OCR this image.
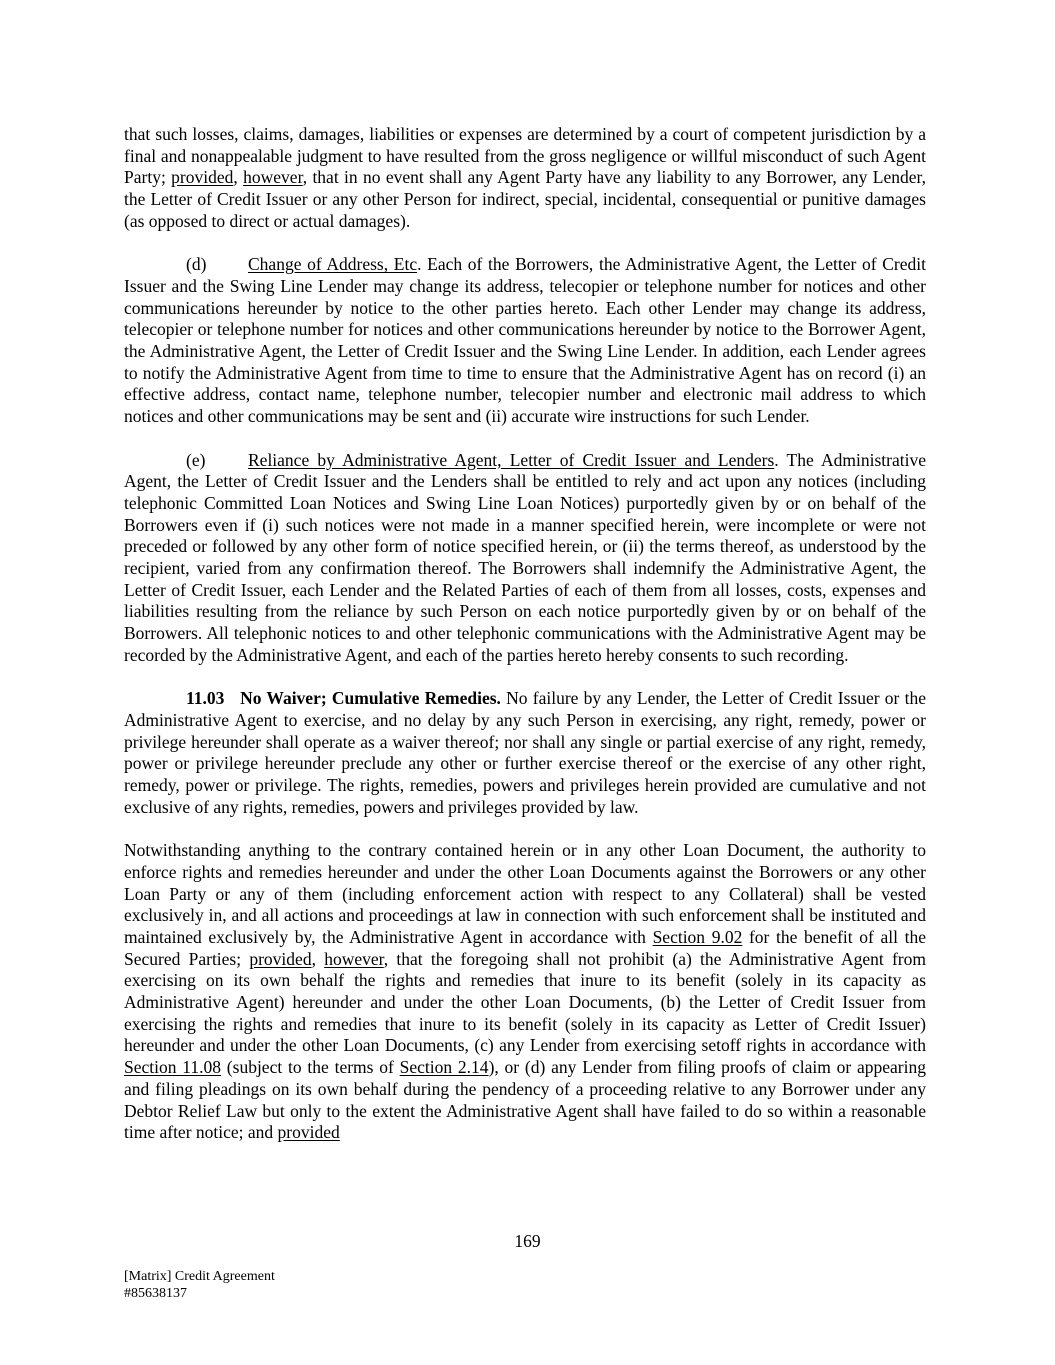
that such losses, claims, damages, liabilities or expenses are determined by a court of competent jurisdiction by a final and nonappealable judgment to have resulted from the gross negligence or willful misconduct of such Agent Party; provided, however, that in no event shall any Agent Party have any liability to any Borrower, any Lender, the Letter of Credit Issuer or any other Person for indirect, special, incidental, consequential or punitive damages (as opposed to direct or actual damages).

(d) Change of Address, Etc. Each of the Borrowers, the Administrative Agent, the Letter of Credit Issuer and the Swing Line Lender may change its address, telecopier or telephone number for notices and other communications hereunder by notice to the other parties hereto. Each other Lender may change its address, telecopier or telephone number for notices and other communications hereunder by notice to the Borrower Agent, the Administrative Agent, the Letter of Credit Issuer and the Swing Line Lender. In addition, each Lender agrees to notify the Administrative Agent from time to time to ensure that the Administrative Agent has on record (i) an effective address, contact name, telephone number, telecopier number and electronic mail address to which notices and other communications may be sent and (ii) accurate wire instructions for such Lender.

(e) Reliance by Administrative Agent, Letter of Credit Issuer and Lenders. The Administrative Agent, the Letter of Credit Issuer and the Lenders shall be entitled to rely and act upon any notices (including telephonic Committed Loan Notices and Swing Line Loan Notices) purportedly given by or on behalf of the Borrowers even if (i) such notices were not made in a manner specified herein, were incomplete or were not preceded or followed by any other form of notice specified herein, or (ii) the terms thereof, as understood by the recipient, varied from any confirmation thereof. The Borrowers shall indemnify the Administrative Agent, the Letter of Credit Issuer, each Lender and the Related Parties of each of them from all losses, costs, expenses and liabilities resulting from the reliance by such Person on each notice purportedly given by or on behalf of the Borrowers. All telephonic notices to and other telephonic communications with the Administrative Agent may be recorded by the Administrative Agent, and each of the parties hereto hereby consents to such recording.

11.03   No Waiver; Cumulative Remedies. No failure by any Lender, the Letter of Credit Issuer or the Administrative Agent to exercise, and no delay by any such Person in exercising, any right, remedy, power or privilege hereunder shall operate as a waiver thereof; nor shall any single or partial exercise of any right, remedy, power or privilege hereunder preclude any other or further exercise thereof or the exercise of any other right, remedy, power or privilege. The rights, remedies, powers and privileges herein provided are cumulative and not exclusive of any rights, remedies, powers and privileges provided by law.

Notwithstanding anything to the contrary contained herein or in any other Loan Document, the authority to enforce rights and remedies hereunder and under the other Loan Documents against the Borrowers or any other Loan Party or any of them (including enforcement action with respect to any Collateral) shall be vested exclusively in, and all actions and proceedings at law in connection with such enforcement shall be instituted and maintained exclusively by, the Administrative Agent in accordance with Section 9.02 for the benefit of all the Secured Parties; provided, however, that the foregoing shall not prohibit (a) the Administrative Agent from exercising on its own behalf the rights and remedies that inure to its benefit (solely in its capacity as Administrative Agent) hereunder and under the other Loan Documents, (b) the Letter of Credit Issuer from exercising the rights and remedies that inure to its benefit (solely in its capacity as Letter of Credit Issuer) hereunder and under the other Loan Documents, (c) any Lender from exercising setoff rights in accordance with Section 11.08 (subject to the terms of Section 2.14), or (d) any Lender from filing proofs of claim or appearing and filing pleadings on its own behalf during the pendency of a proceeding relative to any Borrower under any Debtor Relief Law but only to the extent the Administrative Agent shall have failed to do so within a reasonable time after notice; and provided

169
[Matrix] Credit Agreement
#85638137
